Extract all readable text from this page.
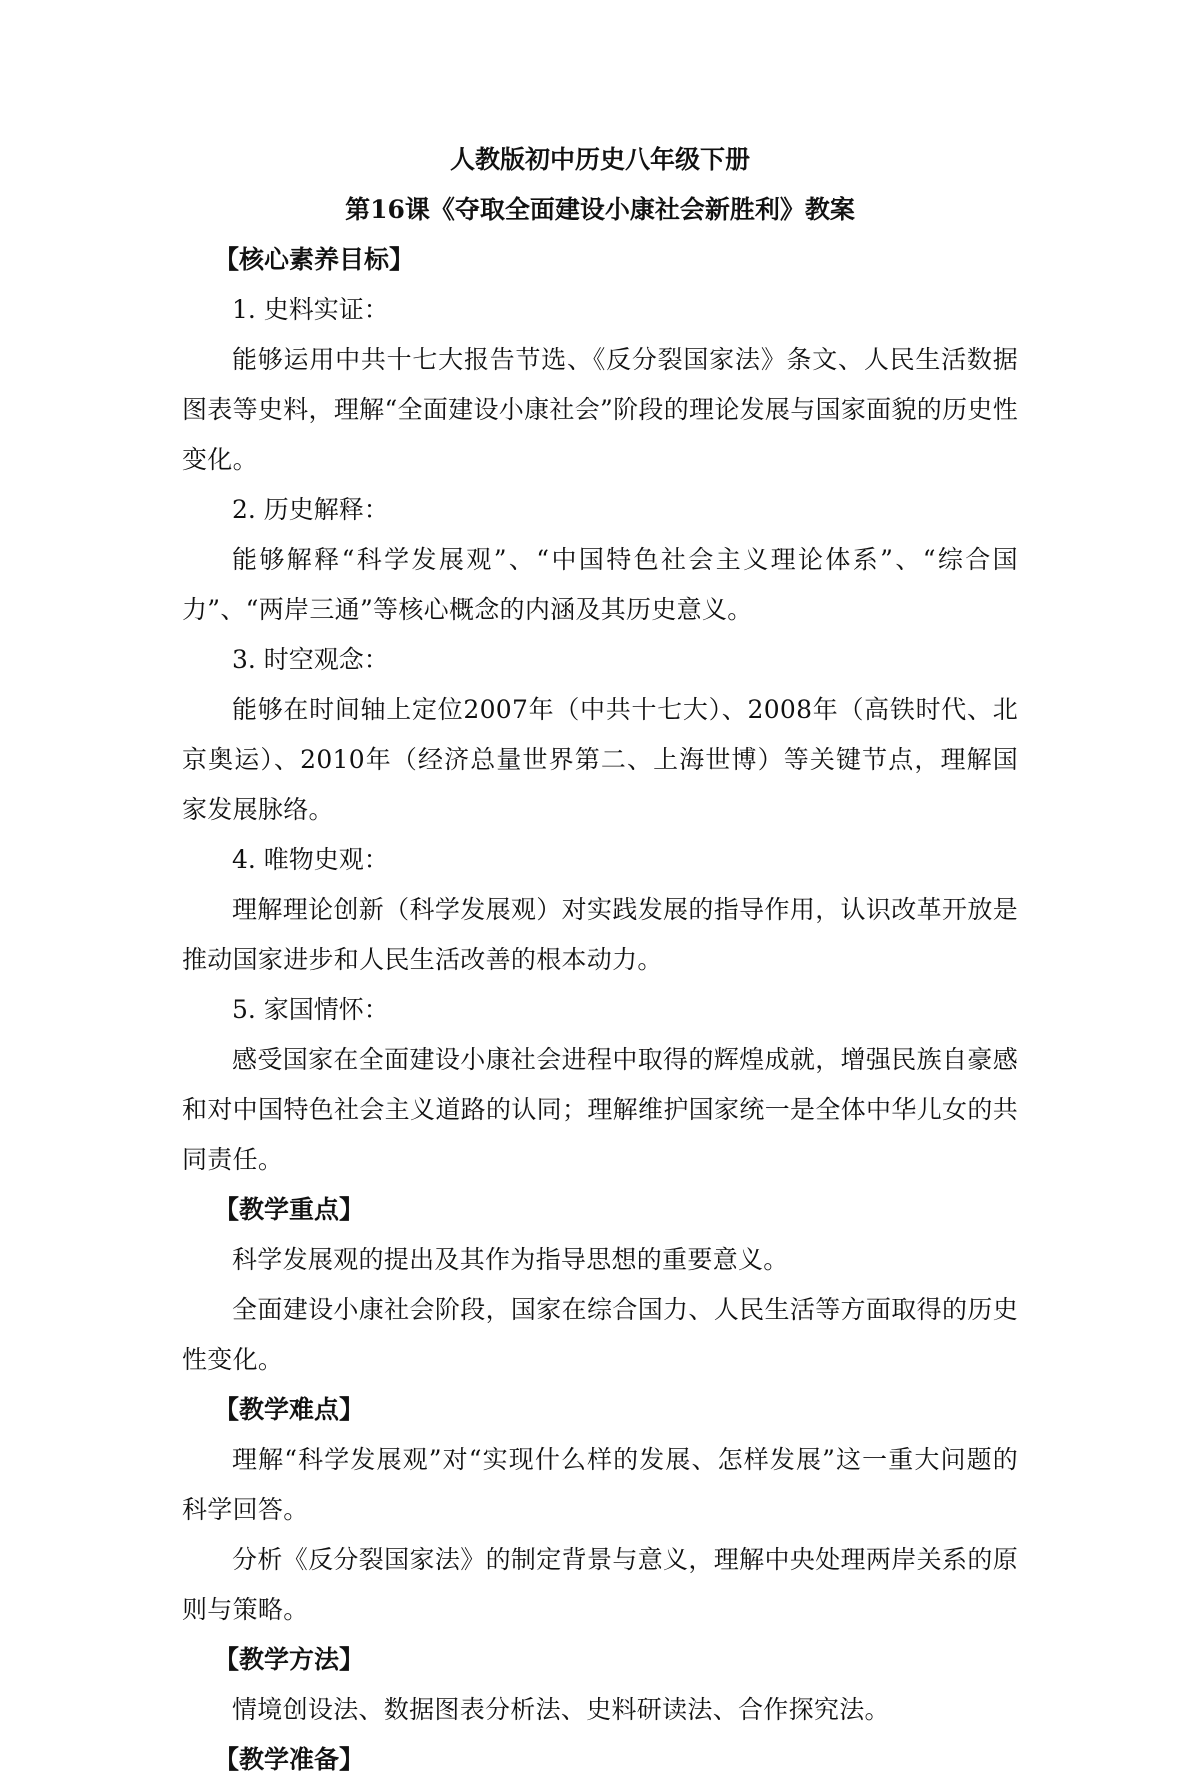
人教版初中历史八年级下册

第16课《夺取全面建设小康社会新胜利》教案

【核心素养目标】

1. 史料实证：

能够运用中共十七大报告节选、《反分裂国家法》条文、人民生活数据图表等史料，理解“全面建设小康社会”阶段的理论发展与国家面貌的历史性变化。

2. 历史解释：

能够解释“科学发展观”、“中国特色社会主义理论体系”、“综合国力”、“两岸三通”等核心概念的内涵及其历史意义。

3. 时空观念：

能够在时间轴上定位2007年（中共十七大）、2008年（高铁时代、北京奥运）、2010年（经济总量世界第二、上海世博）等关键节点，理解国家发展脉络。

4. 唯物史观：

理解理论创新（科学发展观）对实践发展的指导作用，认识改革开放是推动国家进步和人民生活改善的根本动力。

5. 家国情怀：

感受国家在全面建设小康社会进程中取得的辉煌成就，增强民族自豪感和对中国特色社会主义道路的认同；理解维护国家统一是全体中华儿女的共同责任。

【教学重点】

科学发展观的提出及其作为指导思想的重要意义。

全面建设小康社会阶段，国家在综合国力、人民生活等方面取得的历史性变化。

【教学难点】

理解“科学发展观”对“实现什么样的发展、怎样发展”这一重大问题的科学回答。

分析《反分裂国家法》的制定背景与意义，理解中央处理两岸关系的原则与策略。

【教学方法】

情境创设法、数据图表分析法、史料研读法、合作探究法。

【教学准备】
